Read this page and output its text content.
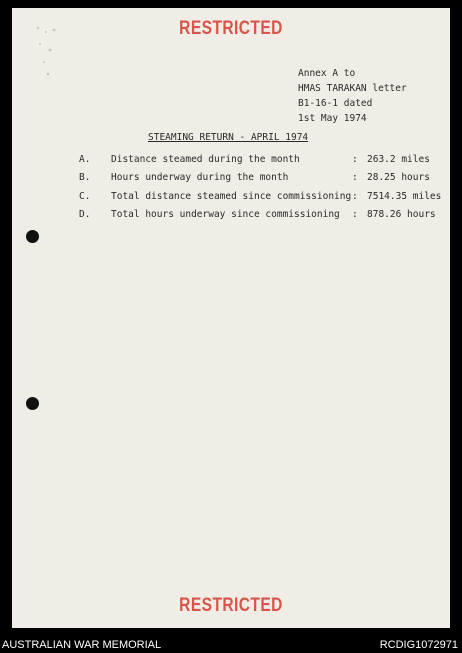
RESTRICTED
Annex A to
HMAS TARAKAN letter
B1-16-1 dated
1st May 1974
STEAMING RETURN - APRIL 1974
A. Distance steamed during the month	: 263.2 miles
B. Hours underway during the month	: 28.25 hours
C. Total distance steamed since commissioning : 7514.35 miles
D. Total hours underway since commissioning : 878.26 hours
RESTRICTED
AUSTRALIAN WAR MEMORIAL	RCDIG1072971
